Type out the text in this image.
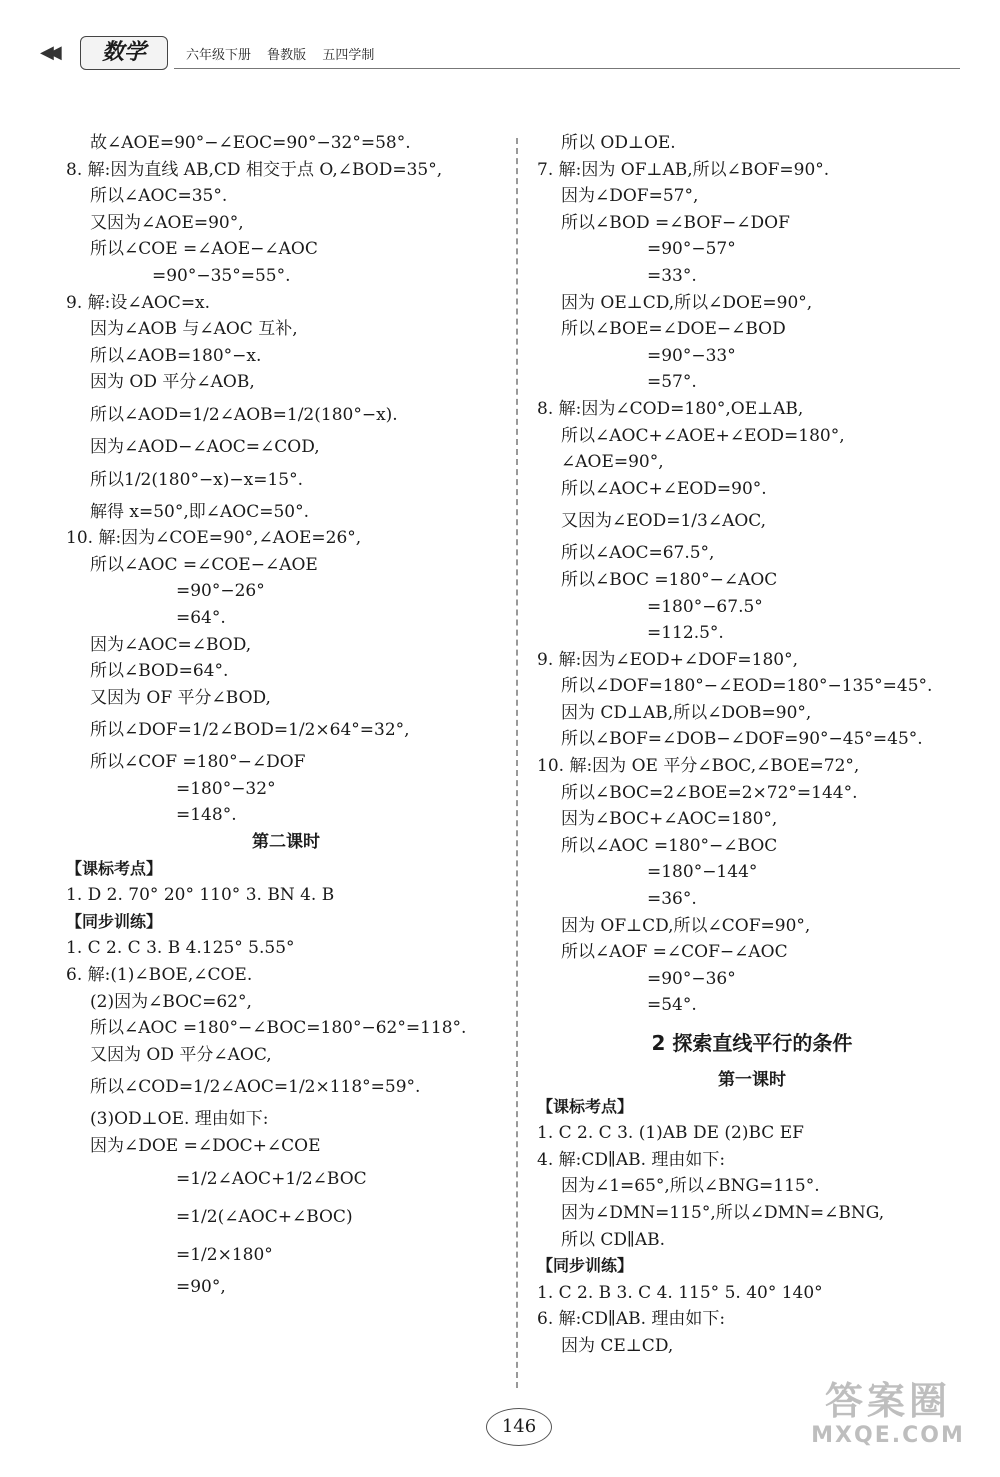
◀◀	数学	六年级下册 鲁教版 五四学制
故∠AOE=90°−∠EOC=90°−32°=58°.
8. 解:因为直线 AB,CD 相交于点 O,∠BOD=35°,
所以∠AOC=35°.
又因为∠AOE=90°,
所以∠COE =∠AOE−∠AOC
=90°−35°=55°.
9. 解:设∠AOC=x.
因为∠AOB 与∠AOC 互补,
所以∠AOB=180°−x.
因为 OD 平分∠AOB,
所以∠AOD=1/2∠AOB=1/2(180°−x).
因为∠AOD−∠AOC=∠COD,
所以1/2(180°−x)−x=15°.
解得 x=50°,即∠AOC=50°.
10. 解:因为∠COE=90°,∠AOE=26°,
所以∠AOC =∠COE−∠AOE
=90°−26°
=64°.
因为∠AOC=∠BOD,
所以∠BOD=64°.
又因为 OF 平分∠BOD,
所以∠DOF=1/2∠BOD=1/2×64°=32°,
所以∠COF =180°−∠DOF
=180°−32°
=148°.
第二课时
【课标考点】
1. D 2. 70° 20° 110° 3. BN 4. B
【同步训练】
1. C 2. C 3. B 4.125° 5.55°
6. 解:(1)∠BOE,∠COE.
(2)因为∠BOC=62°,
所以∠AOC =180°−∠BOC=180°−62°=118°.
又因为 OD 平分∠AOC,
所以∠COD=1/2∠AOC=1/2×118°=59°.
(3)OD⊥OE. 理由如下:
因为∠DOE =∠DOC+∠COE
=1/2∠AOC+1/2∠BOC
=1/2(∠AOC+∠BOC)
=1/2×180°
=90°,
所以 OD⊥OE.
7. 解:因为 OF⊥AB,所以∠BOF=90°.
因为∠DOF=57°,
所以∠BOD =∠BOF−∠DOF
=90°−57°
=33°.
因为 OE⊥CD,所以∠DOE=90°,
所以∠BOE=∠DOE−∠BOD
=90°−33°
=57°.
8. 解:因为∠COD=180°,OE⊥AB,
所以∠AOC+∠AOE+∠EOD=180°,
∠AOE=90°,
所以∠AOC+∠EOD=90°.
又因为∠EOD=1/3∠AOC,
所以∠AOC=67.5°,
所以∠BOC =180°−∠AOC
=180°−67.5°
=112.5°.
9. 解:因为∠EOD+∠DOF=180°,
所以∠DOF=180°−∠EOD=180°−135°=45°.
因为 CD⊥AB,所以∠DOB=90°,
所以∠BOF=∠DOB−∠DOF=90°−45°=45°.
10. 解:因为 OE 平分∠BOC,∠BOE=72°,
所以∠BOC=2∠BOE=2×72°=144°.
因为∠BOC+∠AOC=180°,
所以∠AOC =180°−∠BOC
=180°−144°
=36°.
因为 OF⊥CD,所以∠COF=90°,
所以∠AOF =∠COF−∠AOC
=90°−36°
=54°.
2 探索直线平行的条件
第一课时
【课标考点】
1. C 2. C 3. (1)AB DE (2)BC EF
4. 解:CD∥AB. 理由如下:
因为∠1=65°,所以∠BNG=115°.
因为∠DMN=115°,所以∠DMN=∠BNG,
所以 CD∥AB.
【同步训练】
1. C 2. B 3. C 4. 115° 5. 40° 140°
6. 解:CD∥AB. 理由如下:
因为 CE⊥CD,
146
答案圈
MXQE.COM
